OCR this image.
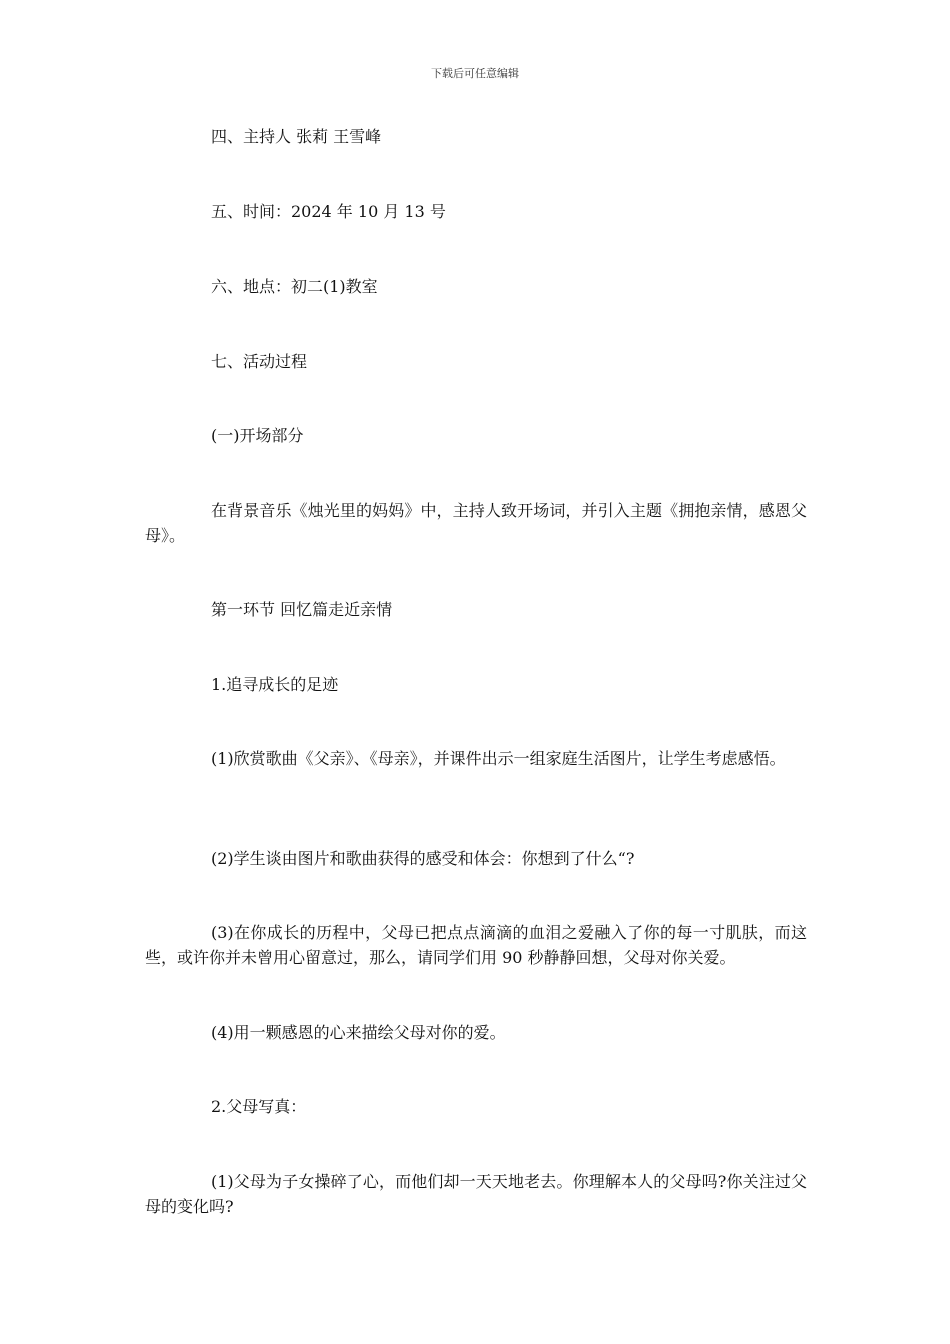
下载后可任意编辑

四、主持人 张莉 王雪峰

五、时间：2024 年 10 月 13 号

六、地点：初二(1)教室

七、活动过程

(一)开场部分

在背景音乐《烛光里的妈妈》中，主持人致开场词，并引入主题《拥抱亲情，感恩父母》。

第一环节 回忆篇走近亲情

1.追寻成长的足迹

(1)欣赏歌曲《父亲》、《母亲》，并课件出示一组家庭生活图片，让学生考虑感悟。

(2)学生谈由图片和歌曲获得的感受和体会：你想到了什么“?

(3)在你成长的历程中，父母已把点点滴滴的血泪之爱融入了你的每一寸肌肤，而这些，或许你并未曾用心留意过，那么，请同学们用 90 秒静静回想，父母对你关爱。

(4)用一颗感恩的心来描绘父母对你的爱。

2.父母写真：

(1)父母为子女操碎了心，而他们却一天天地老去。你理解本人的父母吗?你关注过父母的变化吗?
